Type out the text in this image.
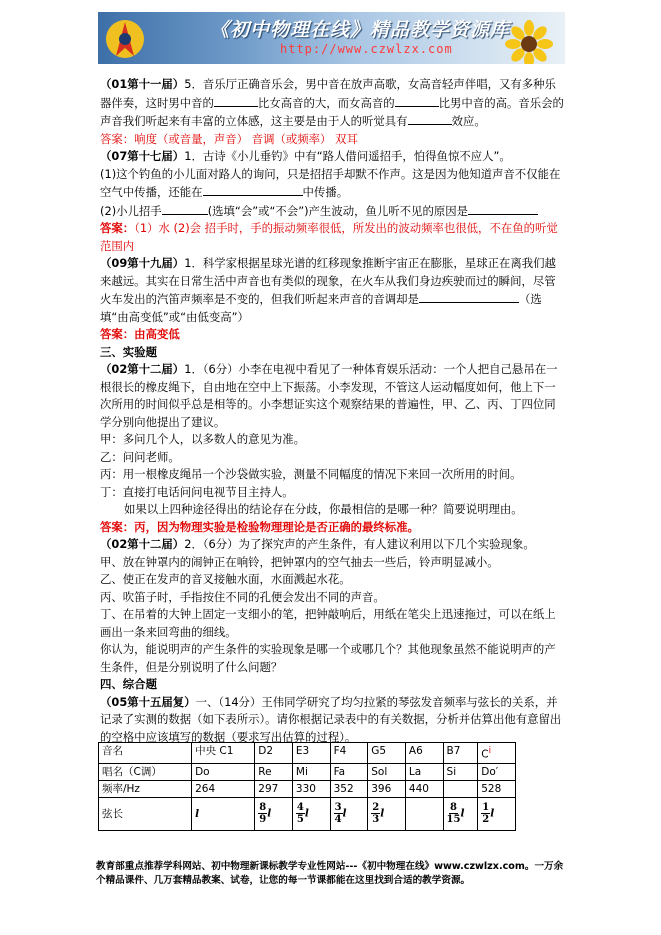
《初中物理在线》精品教学资源库
http://www.czwlzx.com

（01第十一届）5．音乐厅正确音乐会，男中音在放声高歌，女高音轻声伴唱，又有多种乐器伴奏，这时男中音的	比女高音的大，而女高音的	比男中音的高。音乐会的声音我们听起来有丰富的立体感，这主要是由于人的听觉具有	效应。

答案：响度（或音量，声音） 音调（或频率） 双耳

（07第十七届）1．古诗《小儿垂钓》中有“路人借问遥招手，怕得鱼惊不应人”。

(1)这个钓鱼的小儿面对路人的询问，只是招招手却默不作声。这是因为他知道声音不仅能在空气中传播，还能在	中传播。

(2)小儿招手	(选填“会”或“不会”)产生波动，鱼儿听不见的原因是

答案：（1）水 (2)会 招手时，手的振动频率很低，所发出的波动频率也很低，不在鱼的听觉范围内

（09第十九届）1．科学家根据星球光谱的红移现象推断宇宙正在膨胀，星球正在离我们越来越远。其实在日常生活中声音也有类似的现象，在火车从我们身边疾驶而过的瞬间，尽管火车发出的汽笛声频率是不变的，但我们听起来声音的音调却是	（选填“由高变低”或“由低变高”）

答案：由高变低

三、实验题

（02第十二届）1．（6分）小李在电视中看见了一种体育娱乐活动：一个人把自己悬吊在一根很长的橡皮绳下，自由地在空中上下振荡。小李发现，不管这人运动幅度如何，他上下一次所用的时间似乎总是相等的。小李想证实这个观察结果的普遍性，甲、乙、丙、丁四位同学分别向他提出了建议。

甲：多问几个人，以多数人的意见为准。

乙：问问老师。

丙：用一根橡皮绳吊一个沙袋做实验，测量不同幅度的情况下来回一次所用的时间。

丁：直接打电话问问电视节目主持人。

如果以上四种途径得出的结论存在分歧，你最相信的是哪一种？简要说明理由。

答案：丙，因为物理实验是检验物理理论是否正确的最终标准。

（02第十二届）2．（6分）为了探究声的产生条件，有人建议利用以下几个实验现象。

甲、放在钟罩内的闹钟正在响铃，把钟罩内的空气抽去一些后，铃声明显减小。

乙、使正在发声的音叉接触水面，水面溅起水花。

丙、吹笛子时，手指按住不同的孔便会发出不同的声音。

丁、在吊着的大钟上固定一支细小的笔，把钟敲响后，用纸在笔尖上迅速拖过，可以在纸上画出一条来回弯曲的细线。

你认为，能说明声的产生条件的实验现象是哪一个或哪几个？其他现象虽然不能说明声的产生条件，但是分别说明了什么问题？

四、综合题

（05第十五届复）一、（14分）王伟同学研究了均匀拉紧的琴弦发音频率与弦长的关系，并记录了实测的数据（如下表所示）。请你根据记录表中的有关数据，分析并估算出他有意留出的空格中应该填写的数据（要求写出估算的过程）。

音名	中央 C1	D2	E3	F4	G5	A6	B7	$C^i$
唱名（C调）	Do	Re	Mi	Fa	Sol	La	Si	Do′
频率/Hz	264	297	330	352	396	440		528
弦长	l	$\frac{8}{9}$ l	$\frac{4}{5}$ l	$\frac{3}{4}$ l	$\frac{2}{3}$ l		$\frac{8}{15}$ l	$\frac{1}{2}$ l
教育部重点推荐学科网站、初中物理新课标教学专业性网站---《初中物理在线》www.czwlzx.com。一万余个精品课件、几万套精品教案、试卷，让您的每一节课都能在这里找到合适的教学资源。
